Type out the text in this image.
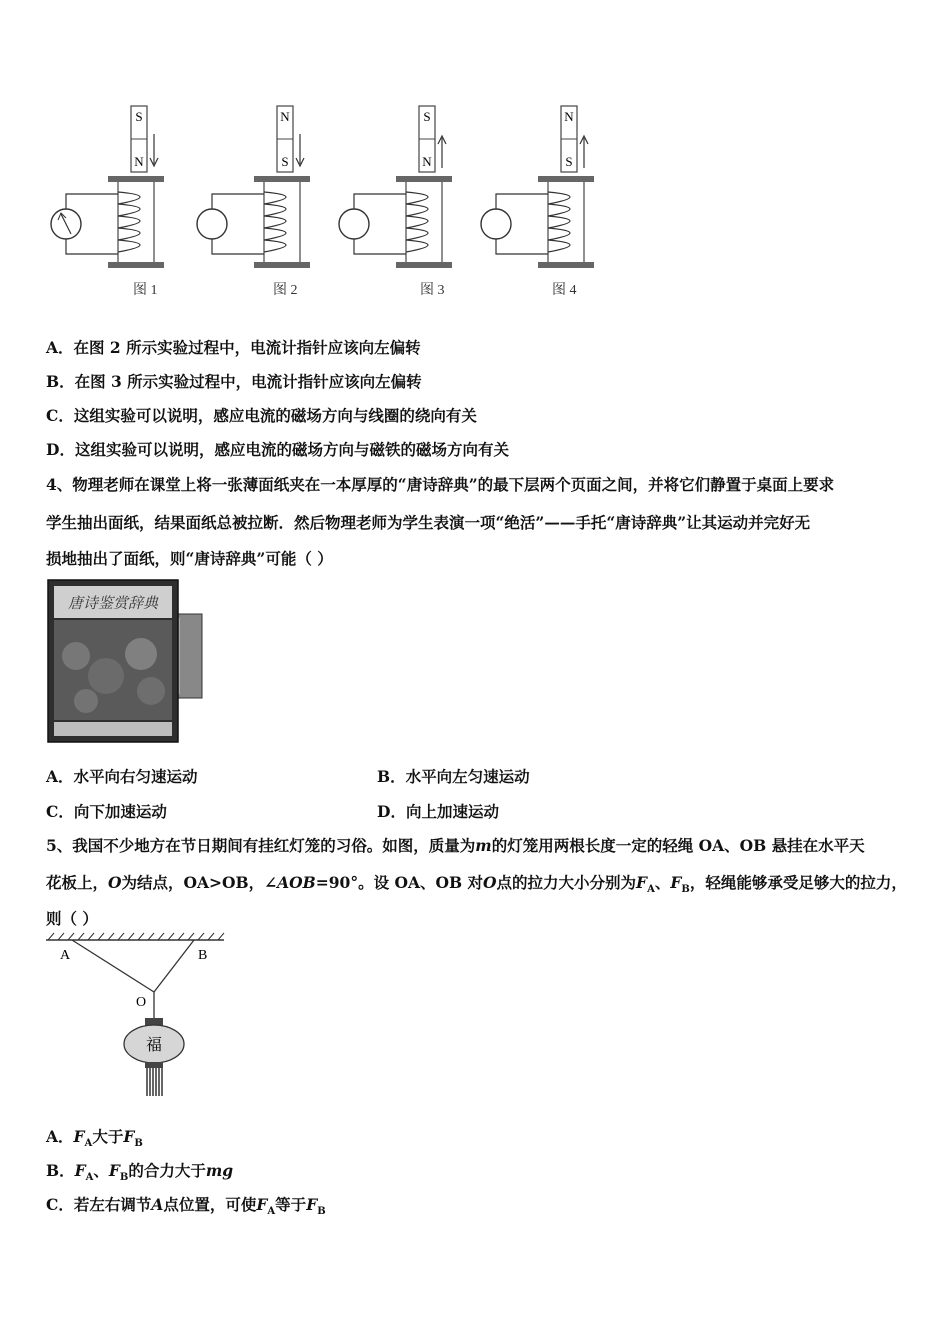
S
N
N
S
S
N
N
S
图 1	图 2	图 3	图 4
A．在图 2 所示实验过程中，电流计指针应该向左偏转
B．在图 3 所示实验过程中，电流计指针应该向左偏转
C．这组实验可以说明，感应电流的磁场方向与线圈的绕向有关
D．这组实验可以说明，感应电流的磁场方向与磁铁的磁场方向有关
4、物理老师在课堂上将一张薄面纸夹在一本厚厚的“唐诗辞典”的最下层两个页面之间，并将它们静置于桌面上要求
学生抽出面纸，结果面纸总被拉断．然后物理老师为学生表演一项“绝活”——手托“唐诗辞典”让其运动并完好无
损地抽出了面纸，则“唐诗辞典”可能（ ）
唐诗鉴赏辞典
A．水平向右匀速运动	B．水平向左匀速运动
C．向下加速运动	D．向上加速运动
5、我国不少地方在节日期间有挂红灯笼的习俗。如图，质量为m的灯笼用两根长度一定的轻绳 OA、OB 悬挂在水平天
花板上，O为结点，OA>OB，∠AOB=90°。设 OA、OB 对O点的拉力大小分别为$F_A$、$F_B$，轻绳能够承受足够大的拉力，
则（ ）
A	B
O
福
A．$F_A$大于$F_B$
B．$F_A$、$F_B$的合力大于mg
C．若左右调节A点位置，可使$F_A$等于$F_B$
